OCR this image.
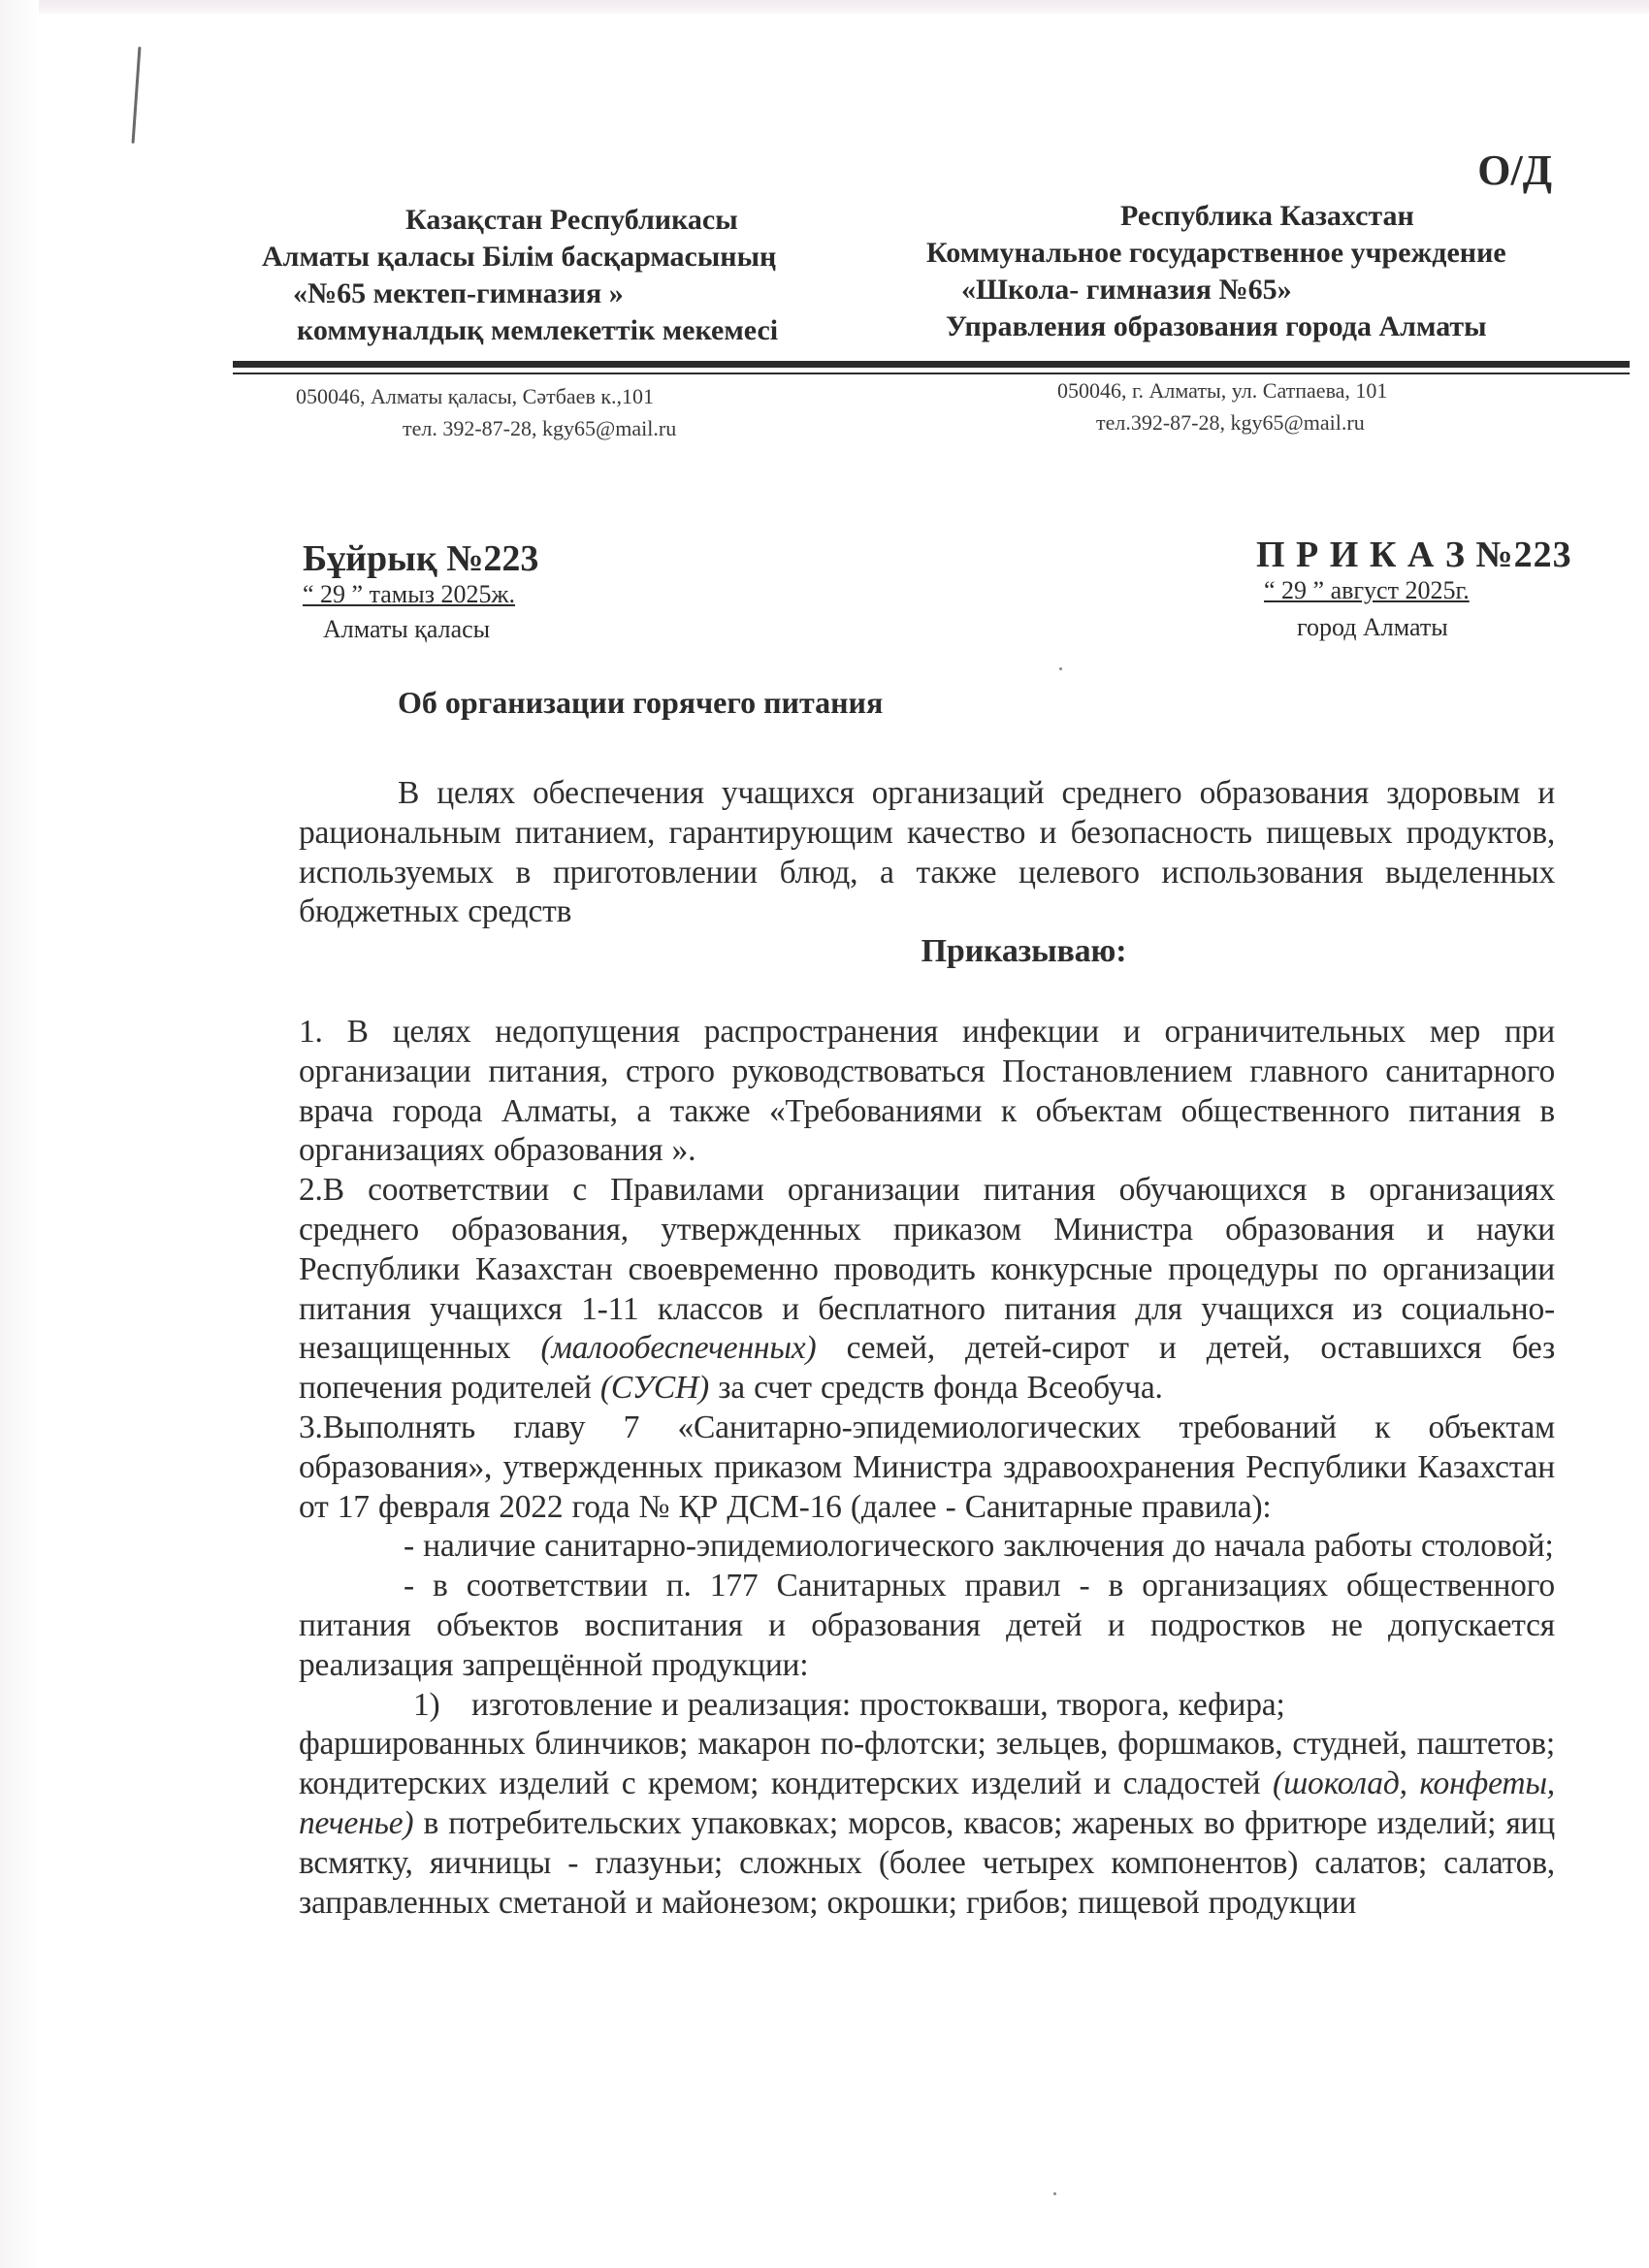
О/Д
Казақстан Республикасы
Алматы қаласы Білім басқармасының
«№65 мектеп-гимназия »
коммуналдық мемлекеттік мекемесі
Республика Казахстан
Коммунальное государственное учреждение
«Школа- гимназия №65»
Управления образования города Алматы
050046, Алматы қаласы, Сәтбаев к.,101
тел. 392-87-28, kgy65@mail.ru
050046, г. Алматы, ул. Сатпаева, 101
тел.392-87-28, kgy65@mail.ru
Бұйрық №223
“ 29 ” тамыз 2025ж.
Алматы қаласы
П Р И К А З №223
“ 29 ” август 2025г.
город Алматы
Об организации горячего питания

В целях обеспечения учащихся организаций среднего образования здоровым и рациональным питанием, гарантирующим качество и безопасность пищевых продуктов, используемых в приготовлении блюд, а также целевого использования выделенных бюджетных средств

Приказываю:

1. В целях недопущения распространения инфекции и ограничительных мер при организации питания, строго руководствоваться Постановлением главного санитарного врача города Алматы, а также «Требованиями к объектам общественного питания в организациях образования ».

2.В соответствии с Правилами организации питания обучающихся в организациях среднего образования, утвержденных приказом Министра образования и науки Республики Казахстан своевременно проводить конкурсные процедуры по организации питания учащихся 1-11 классов и бесплатного питания для учащихся из социально-незащищенных (малообеспеченных) семей, детей-сирот и детей, оставшихся без попечения родителей (СУСН) за счет средств фонда Всеобуча.

3.Выполнять главу 7 «Санитарно-эпидемиологических требований к объектам образования», утвержденных приказом Министра здравоохранения Республики Казахстан от 17 февраля 2022 года № ҚР ДСМ-16 (далее - Санитарные правила):

- наличие санитарно-эпидемиологического заключения до начала работы столовой;

- в соответствии п. 177 Санитарных правил - в организациях общественного питания объектов воспитания и образования детей и подростков не допускается реализация запрещённой продукции:

1) изготовление и реализация: простокваши, творога, кефира;

фаршированных блинчиков; макарон по-флотски; зельцев, форшмаков, студней, паштетов; кондитерских изделий с кремом; кондитерских изделий и сладостей (шоколад, конфеты, печенье) в потребительских упаковках; морсов, квасов; жареных во фритюре изделий; яиц всмятку, яичницы - глазуньи; сложных (более четырех компонентов) салатов; салатов, заправленных сметаной и майонезом; окрошки; грибов; пищевой продукции
